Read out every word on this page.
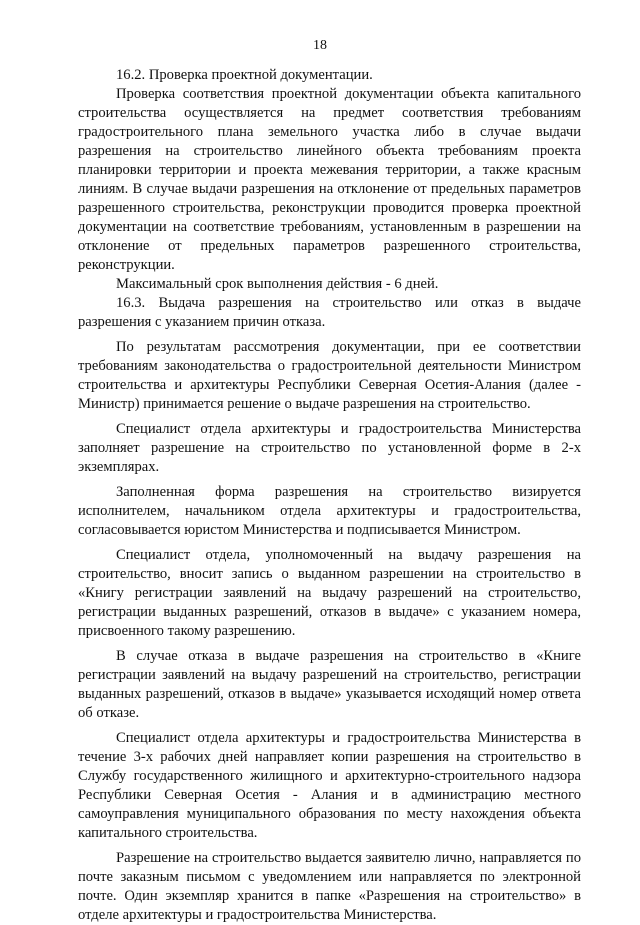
18

16.2. Проверка проектной документации.

Проверка соответствия проектной документации объекта капитального строительства осуществляется на предмет соответствия требованиям градостроительного плана земельного участка либо в случае выдачи разрешения на строительство линейного объекта требованиям проекта планировки территории и проекта межевания территории, а также красным линиям. В случае выдачи разрешения на отклонение от предельных параметров разрешенного строительства, реконструкции проводится проверка проектной документации на соответствие требованиям, установленным в разрешении на отклонение от предельных параметров разрешенного строительства, реконструкции.

Максимальный срок выполнения действия - 6 дней.

16.3. Выдача разрешения на строительство или отказ в выдаче разрешения с указанием причин отказа.

По результатам рассмотрения документации, при ее соответствии требованиям законодательства о градостроительной деятельности Министром строительства и архитектуры Республики Северная Осетия-Алания (далее - Министр) принимается решение о выдаче разрешения на строительство.

Специалист отдела архитектуры и градостроительства Министерства заполняет разрешение на строительство по установленной форме в 2-х экземплярах.

Заполненная форма разрешения на строительство визируется исполнителем, начальником отдела архитектуры и градостроительства, согласовывается юристом Министерства и подписывается Министром.

Специалист отдела, уполномоченный на выдачу разрешения на строительство, вносит запись о выданном разрешении на строительство в «Книгу регистрации заявлений на выдачу разрешений на строительство, регистрации выданных разрешений, отказов в выдаче» с указанием номера, присвоенного такому разрешению.

В случае отказа в выдаче разрешения на строительство в «Книге регистрации заявлений на выдачу разрешений на строительство, регистрации выданных разрешений, отказов в выдаче» указывается исходящий номер ответа об отказе.

Специалист отдела архитектуры и градостроительства Министерства в течение 3-х рабочих дней направляет копии разрешения на строительство в Службу государственного жилищного и архитектурно-строительного надзора Республики Северная Осетия - Алания и в администрацию местного самоуправления муниципального образования по месту нахождения объекта капитального строительства.

Разрешение на строительство выдается заявителю лично, направляется по почте заказным письмом с уведомлением или направляется по электронной почте. Один экземпляр хранится в папке «Разрешения на строительство» в отделе архитектуры и градостроительства Министерства.
